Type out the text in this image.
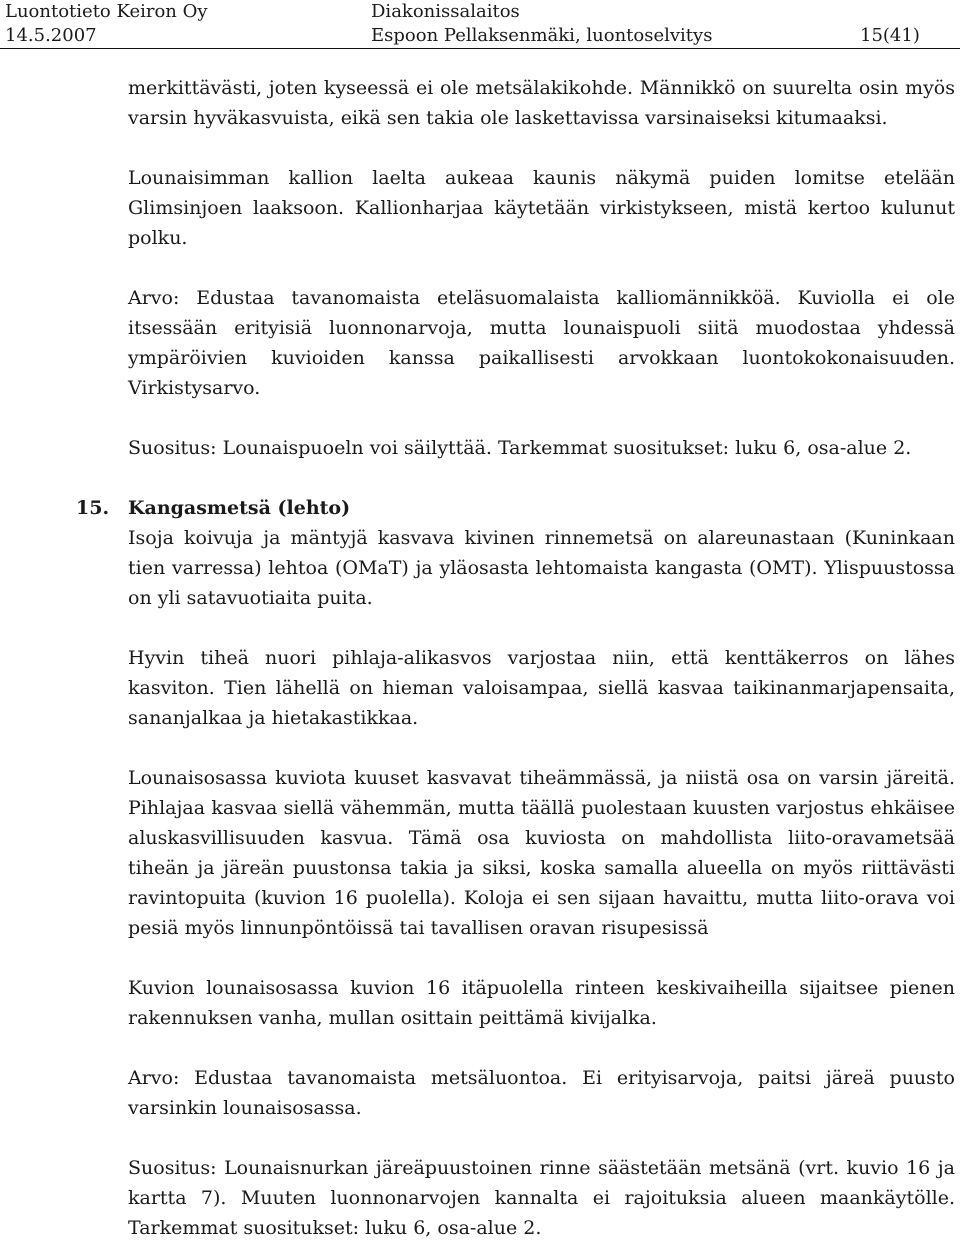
Luontotieto Keiron Oy
14.5.2007
Diakonissalaitos
Espoon Pellaksenmäki, luontoselvitys	15(41)

merkittävästi, joten kyseessä ei ole metsälakikohde. Männikkö on suurelta osin myös varsin hyväkasvuista, eikä sen takia ole laskettavissa varsinaiseksi kitumaaksi.

Lounaisimman kallion laelta aukeaa kaunis näkymä puiden lomitse etelään Glimsinjoen laaksoon. Kallionharjaa käytetään virkistykseen, mistä kertoo kulunut polku.

Arvo: Edustaa tavanomaista eteläsuomalaista kalliomännikköä. Kuviolla ei ole itsessään erityisiä luonnonarvoja, mutta lounaispuoli siitä muodostaa yhdessä ympäröivien kuvioiden kanssa paikallisesti arvokkaan luontokokonaisuuden. Virkistysarvo.

Suositus: Lounaispuoeln voi säilyttää. Tarkemmat suositukset: luku 6, osa-alue 2.

15. Kangasmetsä (lehto)

Isoja koivuja ja mäntyjä kasvava kivinen rinnemetsä on alareunastaan (Kuninkaan tien varressa) lehtoa (OMaT) ja yläosasta lehtomaista kangasta (OMT). Ylispuustossa on yli satavuotiaita puita.

Hyvin tiheä nuori pihlaja-alikasvos varjostaa niin, että kenttäkerros on lähes kasviton. Tien lähellä on hieman valoisampaa, siellä kasvaa taikinanmarjapensaita, sananjalkaa ja hietakastikkaa.

Lounaisosassa kuviota kuuset kasvavat tiheämmässä, ja niistä osa on varsin järeitä. Pihlajaa kasvaa siellä vähemmän, mutta täällä puolestaan kuusten varjostus ehkäisee aluskasvillisuuden kasvua. Tämä osa kuviosta on mahdollista liito-oravametsää tiheän ja järeän puustonsa takia ja siksi, koska samalla alueella on myös riittävästi ravintopuita (kuvion 16 puolella). Koloja ei sen sijaan havaittu, mutta liito-orava voi pesiä myös linnunpöntöissä tai tavallisen oravan risupesissä

Kuvion lounaisosassa kuvion 16 itäpuolella rinteen keskivaiheilla sijaitsee pienen rakennuksen vanha, mullan osittain peittämä kivijalka.

Arvo: Edustaa tavanomaista metsäluontoa. Ei erityisarvoja, paitsi järeä puusto varsinkin lounaisosassa.

Suositus: Lounaisnurkan järeäpuustoinen rinne säästetään metsänä (vrt. kuvio 16 ja kartta 7). Muuten luonnonarvojen kannalta ei rajoituksia alueen maankäytölle. Tarkemmat suositukset: luku 6, osa-alue 2.
